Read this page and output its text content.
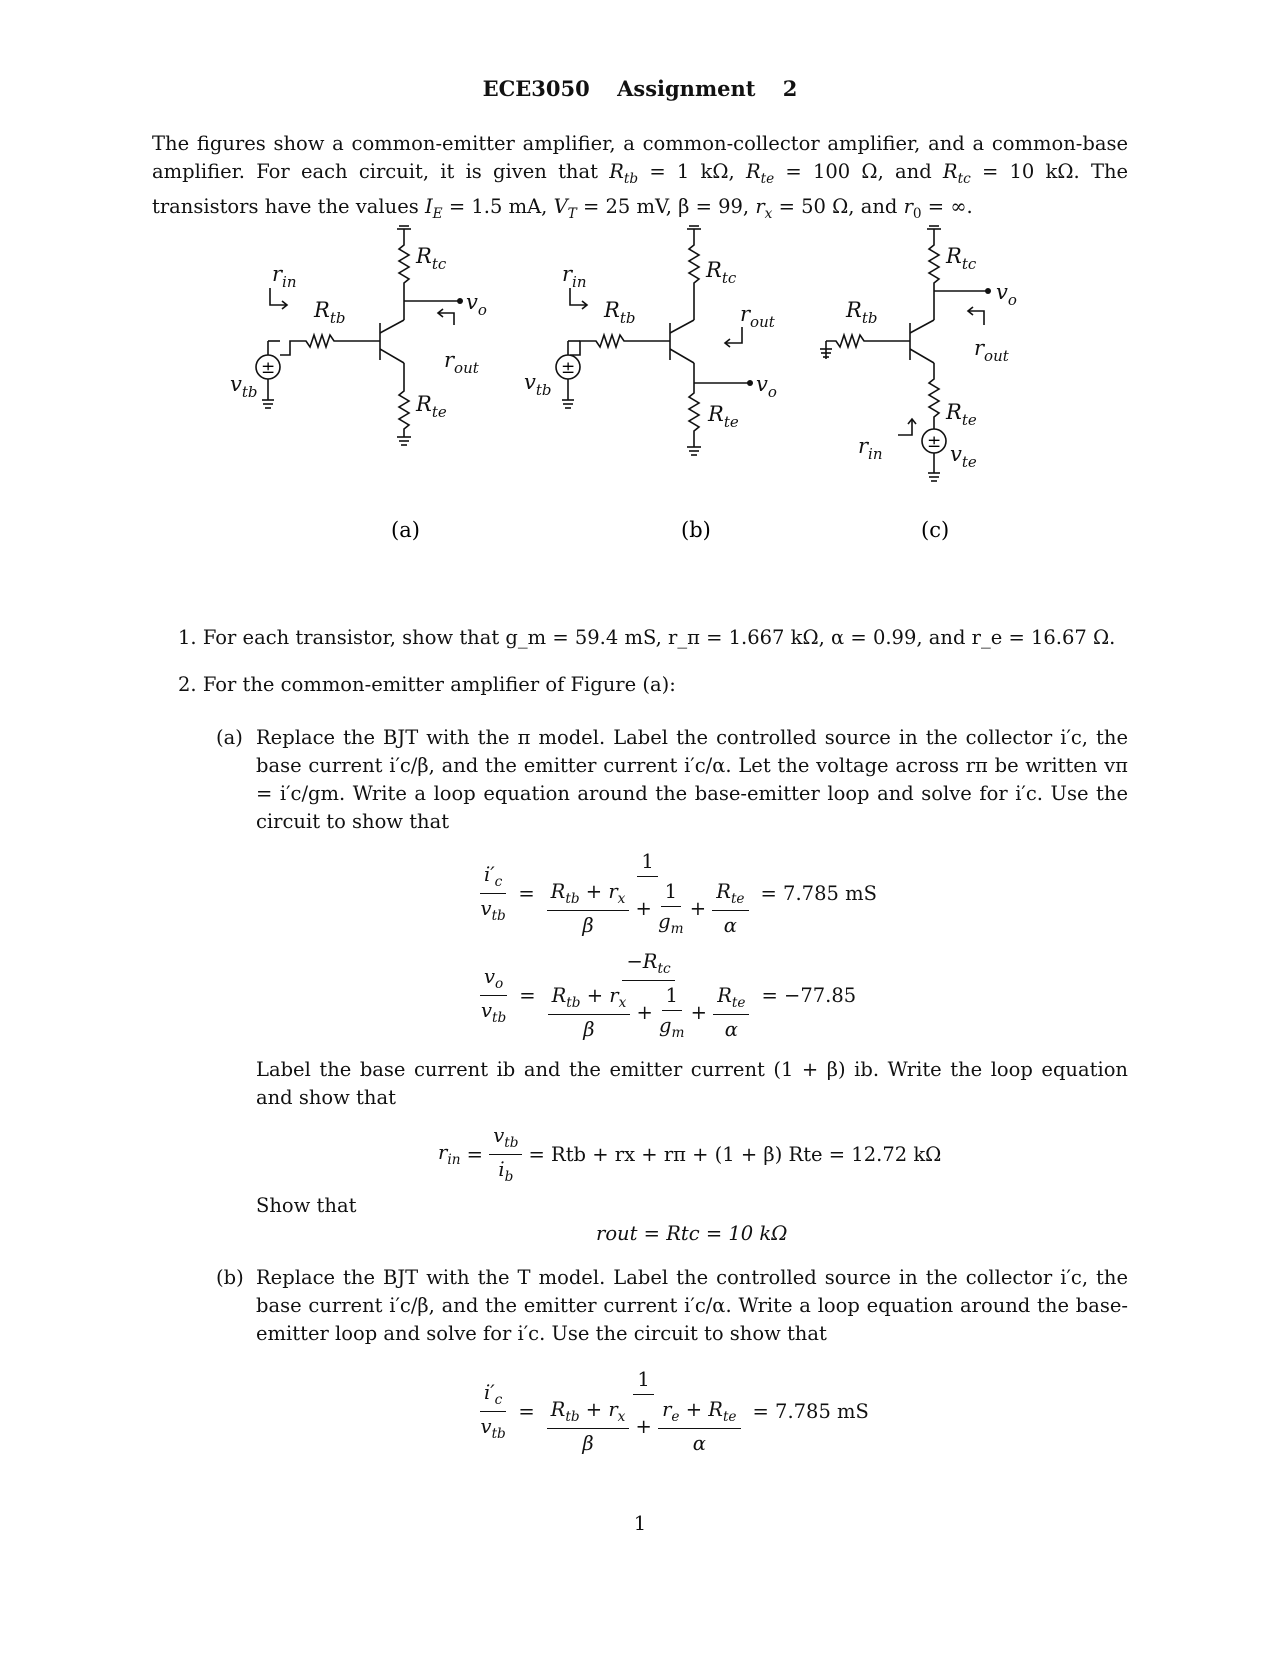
ECE3050 Assignment 2
The figures show a common-emitter amplifier, a common-collector amplifier, and a common-base amplifier. For each circuit, it is given that $R_{tb} = 1$ kΩ, $R_{te} = 100$ Ω, and $R_{tc} = 10$ kΩ. The transistors have the values $I_E = 1.5$ mA, $V_T = 25$ mV, β = 99, $r_x = 50$ Ω, and $r_0$ = ∞.
$R_{tc}$
$r_{in}$
$R_{tb}$
$v_o$
$r_{out}$
$v_{tb}$	$R_{te}$
±
$R_{tc}$
$r_{in}$
$R_{tb}$	$r_{out}$
$v_o$
$v_{tb}$
$R_{te}$
±
$R_{tc}$
$v_o$
$R_{tb}$
$r_{out}$
$R_{te}$
$r_{in}$	$v_{te}$
±
(a)	(b)	(c)
1. For each transistor, show that g_m = 59.4 mS, r_π = 1.667 kΩ, α = 0.99, and r_e = 16.67 Ω.
2. For the common-emitter amplifier of Figure (a):
(a) Replace the BJT with the π model. Label the controlled source in the collector i′c, the base current i′c/β, and the emitter current i′c/α. Let the voltage across rπ be written vπ = i′c/gm. Write a loop equation around the base-emitter loop and solve for i′c. Use the circuit to show that
$\frac{i'_c}{v_{tb}} = \frac{1}{\frac{R_{tb} + r_x}{\beta} + \frac{1}{g_m} + \frac{R_{te}}{\alpha}} = 7.785$ mS
$\frac{v_o}{v_{tb}} = \frac{-R_{tc}}{\frac{R_{tb} + r_x}{\beta} + \frac{1}{g_m} + \frac{R_{te}}{\alpha}} = -77.85$
Label the base current ib and the emitter current (1 + β) ib. Write the loop equation and show that
$r_{in} = \frac{v_{tb}}{i_b}$ = Rtb + rx + rπ + (1 + β) Rte = 12.72 kΩ
Show that
rout = Rtc = 10 kΩ
(b) Replace the BJT with the T model. Label the controlled source in the collector i′c, the base current i′c/β, and the emitter current i′c/α. Write a loop equation around the base-emitter loop and solve for i′c. Use the circuit to show that
$\frac{i'_c}{v_{tb}} = \frac{1}{\frac{R_{tb} + r_x}{\beta} + \frac{r_e + R_{te}}{\alpha}} = 7.785$ mS
1
